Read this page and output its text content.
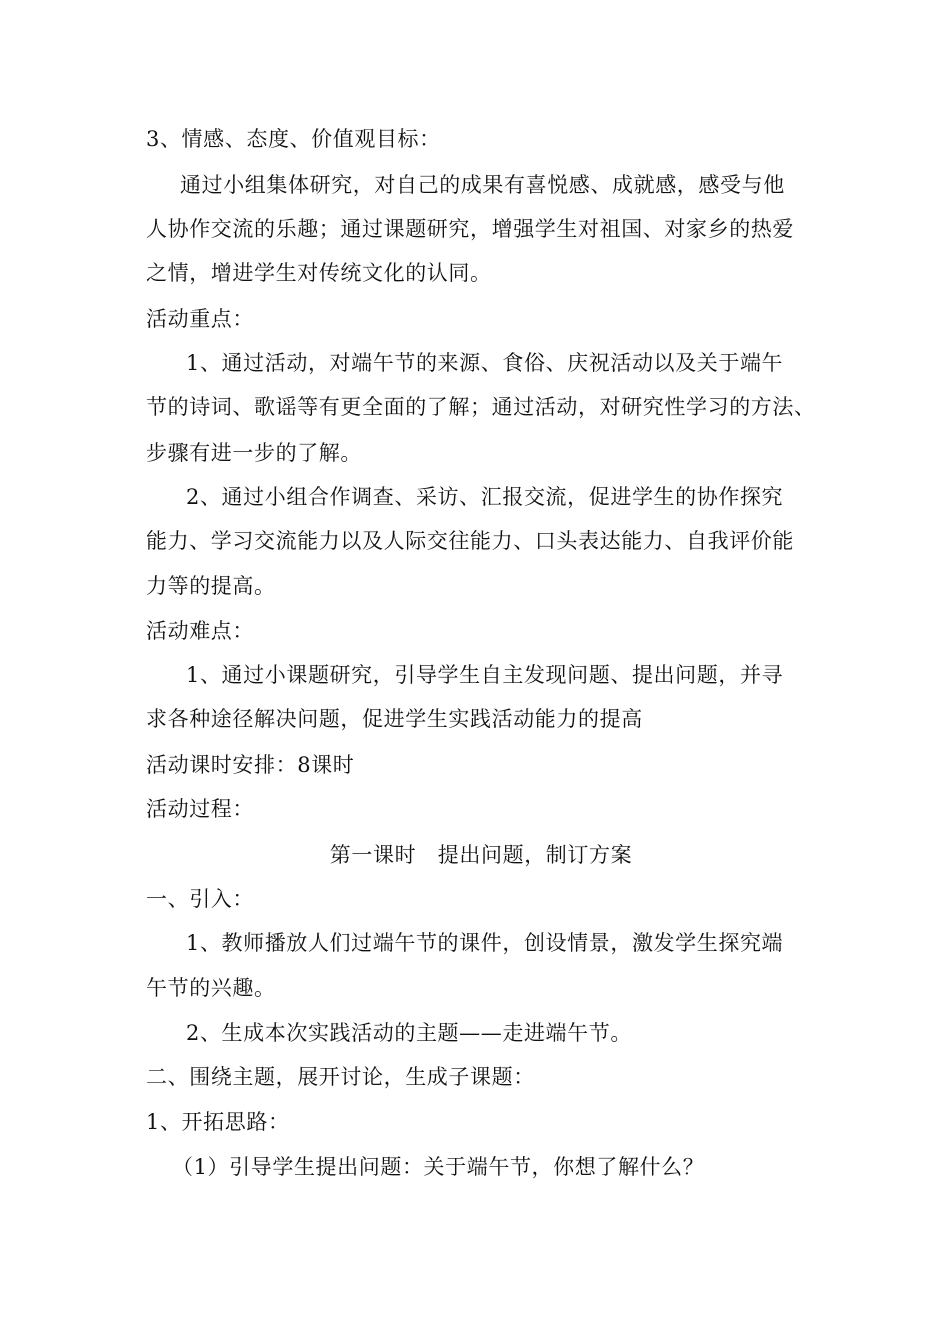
3、情感、态度、价值观目标：

通过小组集体研究，对自己的成果有喜悦感、成就感，感受与他

人协作交流的乐趣；通过课题研究，增强学生对祖国、对家乡的热爱

之情，增进学生对传统文化的认同。

活动重点：

1、通过活动，对端午节的来源、食俗、庆祝活动以及关于端午

节的诗词、歌谣等有更全面的了解；通过活动，对研究性学习的方法、

步骤有进一步的了解。

2、通过小组合作调查、采访、汇报交流，促进学生的协作探究

能力、学习交流能力以及人际交往能力、口头表达能力、自我评价能

力等的提高。

活动难点：

1、通过小课题研究，引导学生自主发现问题、提出问题，并寻

求各种途径解决问题，促进学生实践活动能力的提高

活动课时安排：8课时

活动过程：

第一课时　提出问题，制订方案

一、引入：

1、教师播放人们过端午节的课件，创设情景，激发学生探究端

午节的兴趣。

2、生成本次实践活动的主题——走进端午节。

二、围绕主题，展开讨论，生成子课题：

1、开拓思路：

（1）引导学生提出问题：关于端午节，你想了解什么？
